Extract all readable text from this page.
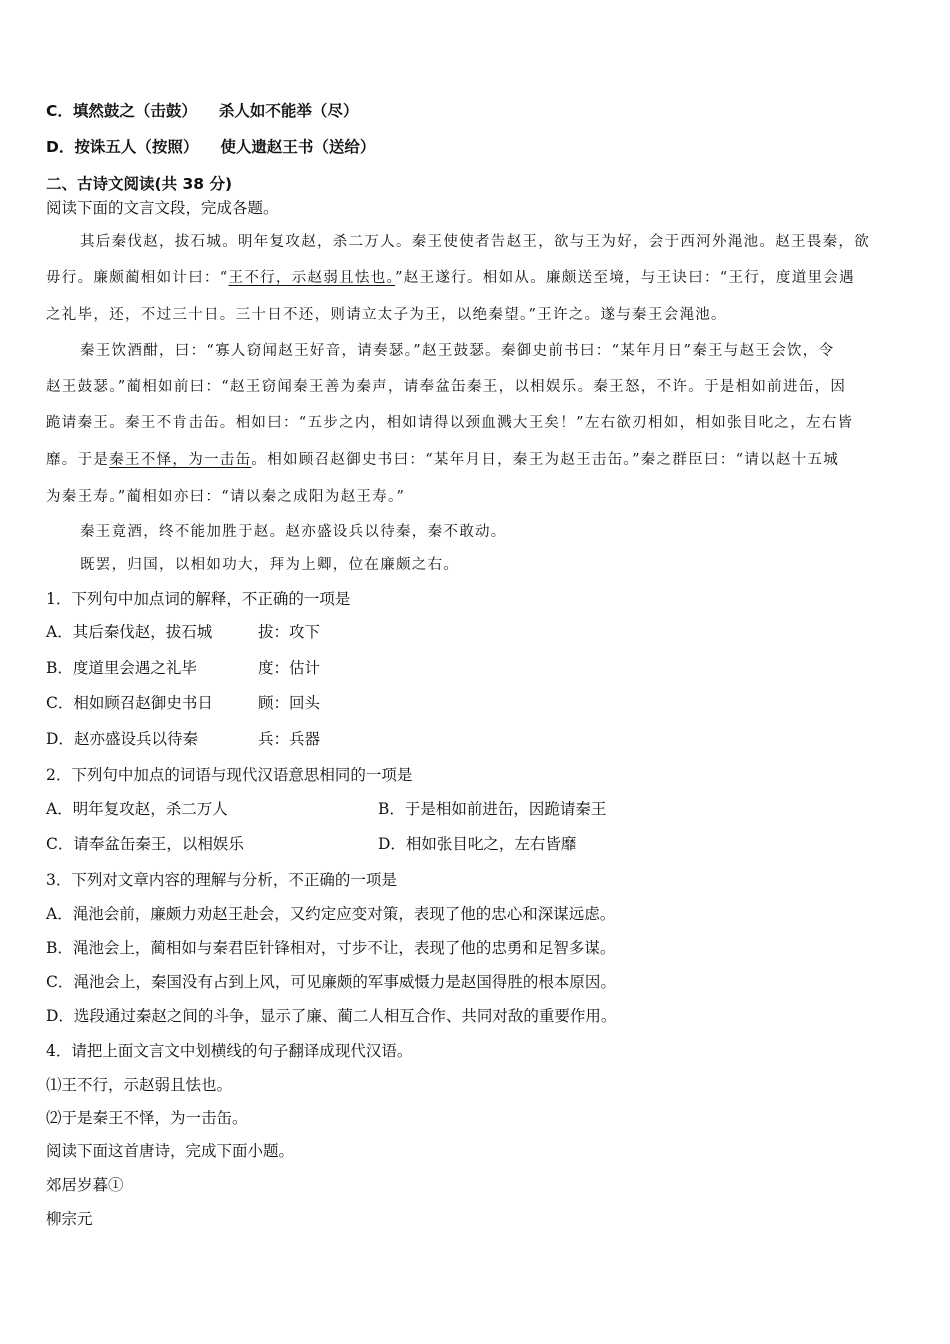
C．填然鼓之（击鼓） 杀人如不能举（尽）
D．按诛五人（按照） 使人遗赵王书（送给）
二、古诗文阅读(共 38 分)
阅读下面的文言文段，完成各题。
其后秦伐赵，拔石城。明年复攻赵，杀二万人。秦王使使者告赵王，欲与王为好，会于西河外渑池。赵王畏秦，欲
毋行。廉颇蔺相如计曰：“王不行，示赵弱且怯也。”赵王遂行。相如从。廉颇送至境，与王诀曰：“王行，度道里会遇
之礼毕，还，不过三十日。三十日不还，则请立太子为王，以绝秦望。”王许之。遂与秦王会渑池。
秦王饮酒酣，曰：“寡人窃闻赵王好音，请奏瑟。”赵王鼓瑟。秦御史前书曰：“某年月日”秦王与赵王会饮，令
赵王鼓瑟。”蔺相如前曰：“赵王窃闻秦王善为秦声，请奉盆缶秦王，以相娱乐。秦王怒，不许。于是相如前进缶，因
跪请秦王。秦王不肯击缶。相如曰：“五步之内，相如请得以颈血溅大王矣！”左右欲刃相如，相如张目叱之，左右皆
靡。于是秦王不怿，为一击缶。相如顾召赵御史书曰：“某年月日，秦王为赵王击缶。”秦之群臣曰：“请以赵十五城
为秦王寿。”蔺相如亦曰：“请以秦之成阳为赵王寿。”
秦王竟酒，终不能加胜于赵。赵亦盛设兵以待秦，秦不敢动。
既罢，归国，以相如功大，拜为上卿，位在廉颇之右。
1．下列句中加点词的解释，不正确的一项是
A．其后秦伐赵，拔石城	拔：攻下
B．度道里会遇之礼毕	度：估计
C．相如顾召赵御史书日	顾：回头
D．赵亦盛设兵以待秦	兵：兵器
2．下列句中加点的词语与现代汉语意思相同的一项是
A．明年复攻赵，杀二万人	B．于是相如前进缶，因跪请秦王
C．请奉盆缶秦王，以相娱乐	D．相如张目叱之，左右皆靡
3．下列对文章内容的理解与分析，不正确的一项是
A．渑池会前，廉颇力劝赵王赴会，又约定应变对策，表现了他的忠心和深谋远虑。
B．渑池会上，蔺相如与秦君臣针锋相对，寸步不让，表现了他的忠勇和足智多谋。
C．渑池会上，秦国没有占到上风，可见廉颇的军事威慑力是赵国得胜的根本原因。
D．选段通过秦赵之间的斗争，显示了廉、蔺二人相互合作、共同对敌的重要作用。
4．请把上面文言文中划横线的句子翻译成现代汉语。
⑴王不行，示赵弱且怯也。
⑵于是秦王不怿，为一击缶。
阅读下面这首唐诗，完成下面小题。
郊居岁暮①
柳宗元
